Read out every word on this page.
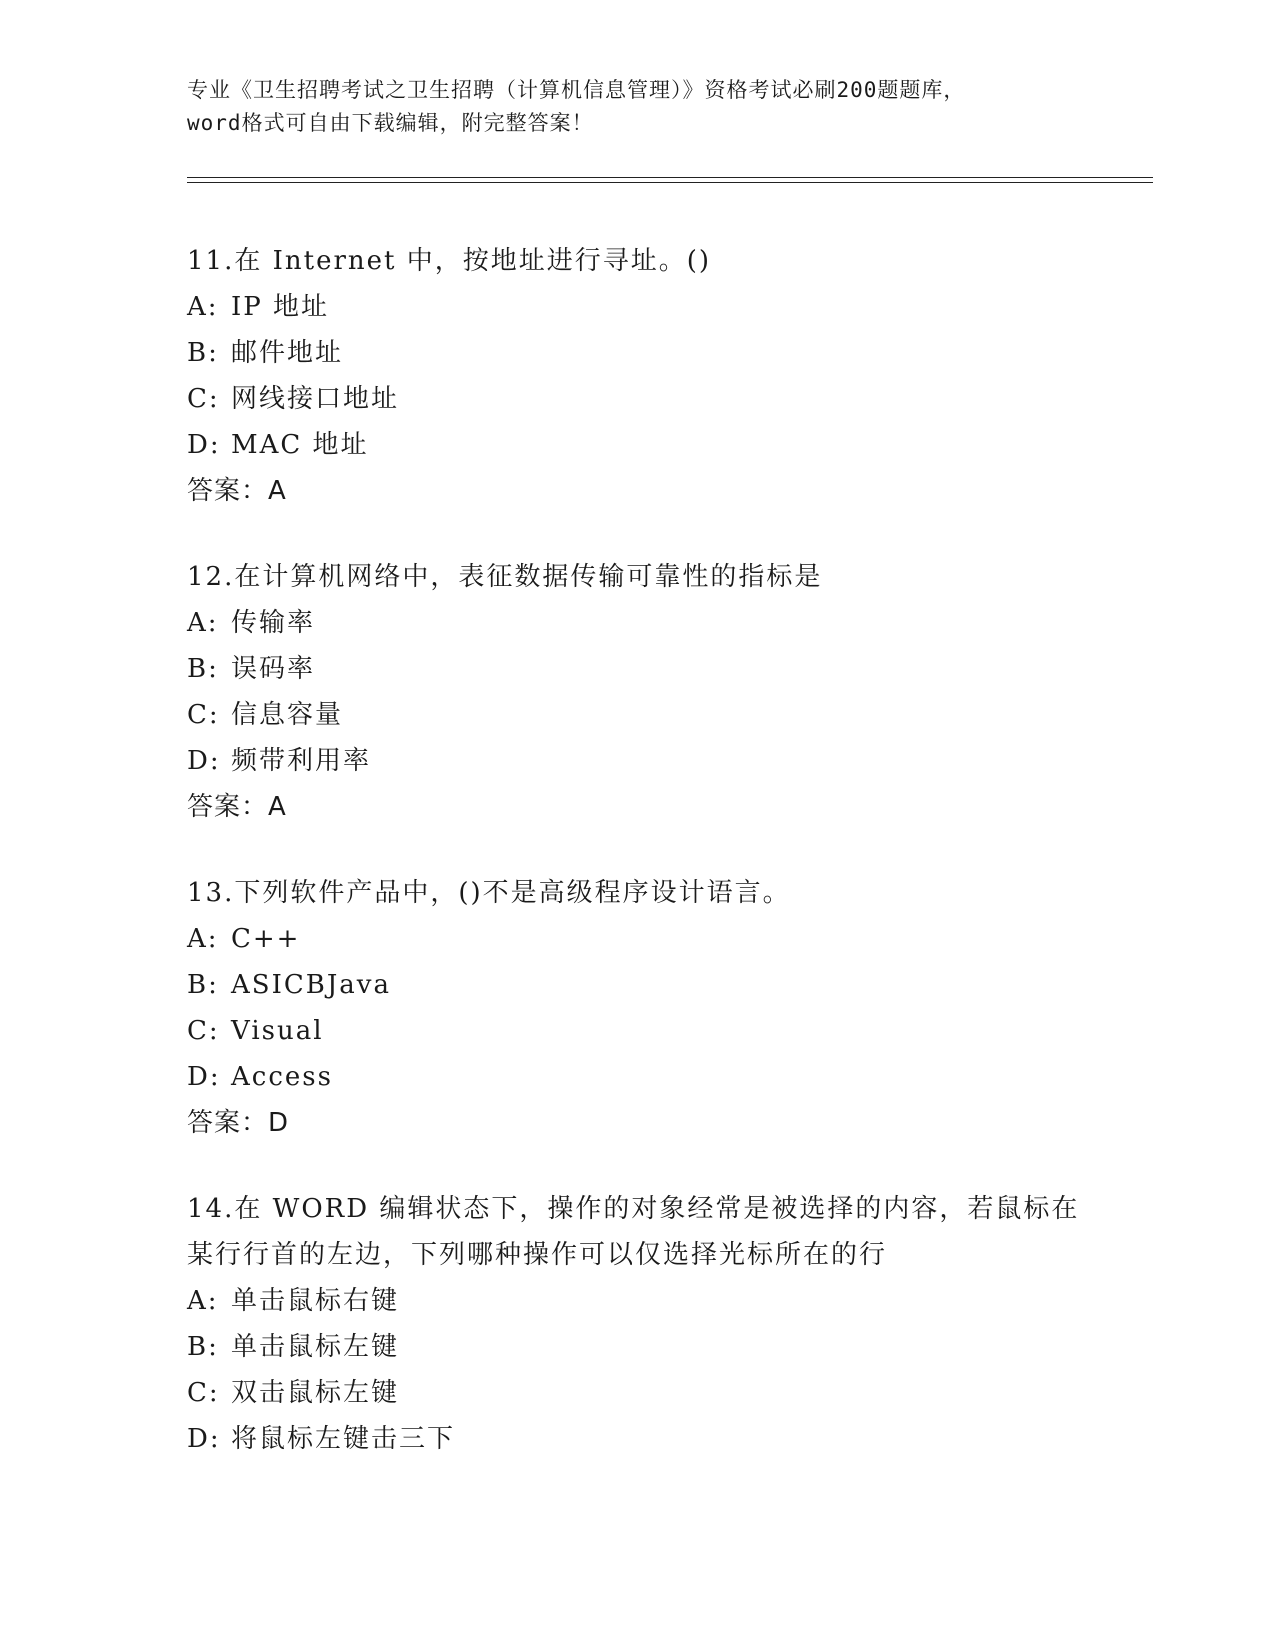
专业《卫生招聘考试之卫生招聘（计算机信息管理）》资格考试必刷200题题库，
word格式可自由下载编辑，附完整答案！
11.在 Internet 中，按地址进行寻址。()
A: IP 地址
B: 邮件地址
C: 网线接口地址
D: MAC 地址
答案：A
12.在计算机网络中，表征数据传输可靠性的指标是
A: 传输率
B: 误码率
C: 信息容量
D: 频带利用率
答案：A
13.下列软件产品中，()不是高级程序设计语言。
A: C++
B: ASICBJava
C: Visual
D: Access
答案：D
14.在 WORD 编辑状态下，操作的对象经常是被选择的内容，若鼠标在
某行行首的左边，下列哪种操作可以仅选择光标所在的行
A: 单击鼠标右键
B: 单击鼠标左键
C: 双击鼠标左键
D: 将鼠标左键击三下
